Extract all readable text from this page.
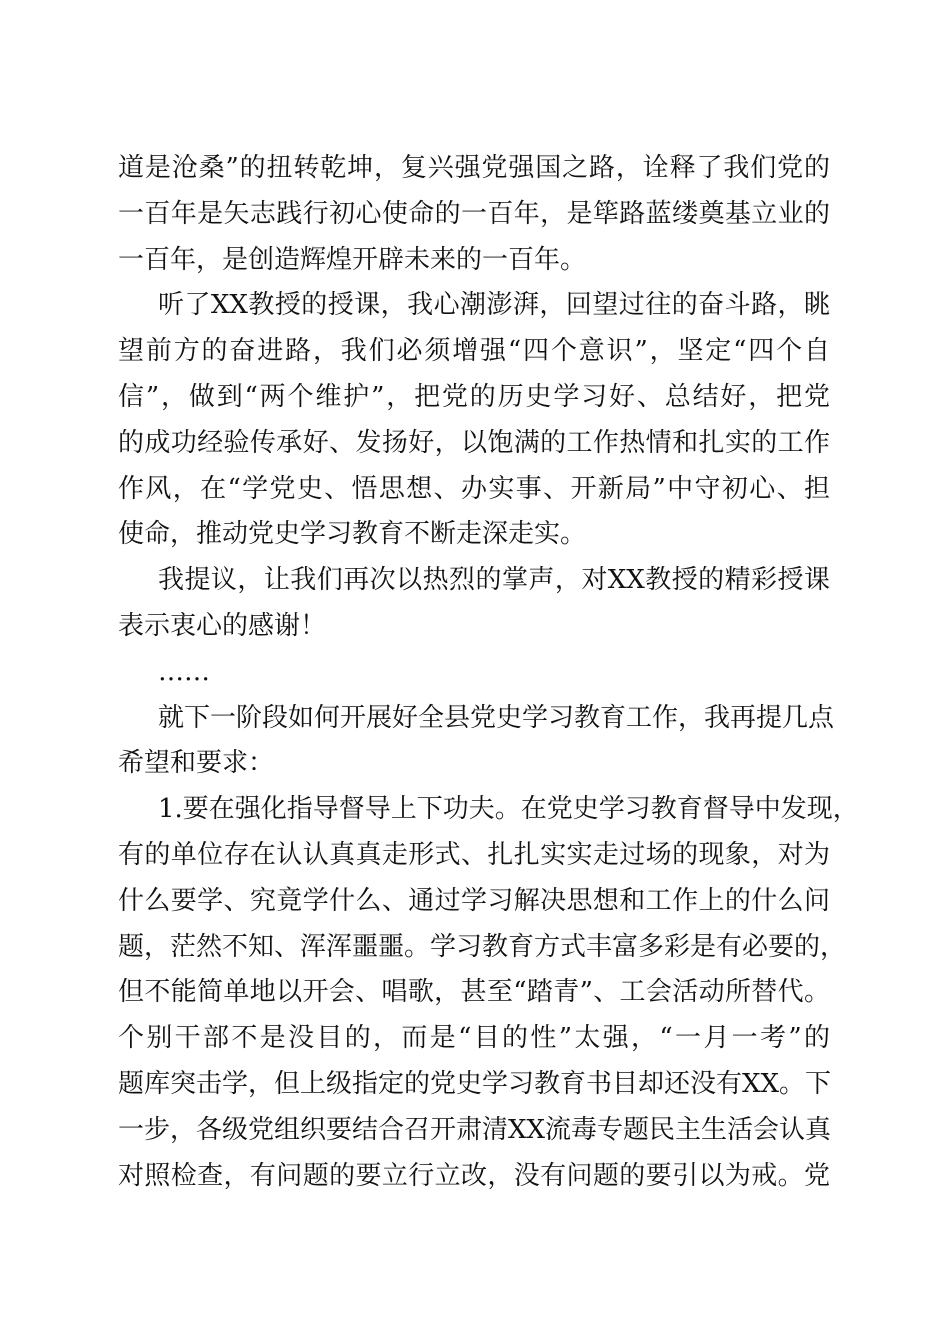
道是沧桑”的扭转乾坤，复兴强党强国之路，诠释了我们党的
一百年是矢志践行初心使命的一百年，是筚路蓝缕奠基立业的
一百年，是创造辉煌开辟未来的一百年。
听了XX教授的授课，我心潮澎湃，回望过往的奋斗路，眺
望前方的奋进路，我们必须增强“四个意识”，坚定“四个自
信”，做到“两个维护”，把党的历史学习好、总结好，把党
的成功经验传承好、发扬好，以饱满的工作热情和扎实的工作
作风，在“学党史、悟思想、办实事、开新局”中守初心、担
使命，推动党史学习教育不断走深走实。
我提议，让我们再次以热烈的掌声，对XX教授的精彩授课
表示衷心的感谢！
……
就下一阶段如何开展好全县党史学习教育工作，我再提几点
希望和要求：
1.要在强化指导督导上下功夫。在党史学习教育督导中发现，
有的单位存在认认真真走形式、扎扎实实走过场的现象，对为
什么要学、究竟学什么、通过学习解决思想和工作上的什么问
题，茫然不知、浑浑噩噩。学习教育方式丰富多彩是有必要的，
但不能简单地以开会、唱歌，甚至“踏青”、工会活动所替代。
个别干部不是没目的，而是“目的性”太强，“一月一考”的
题库突击学，但上级指定的党史学习教育书目却还没有XX。下
一步，各级党组织要结合召开肃清XX流毒专题民主生活会认真
对照检查，有问题的要立行立改，没有问题的要引以为戒。党
